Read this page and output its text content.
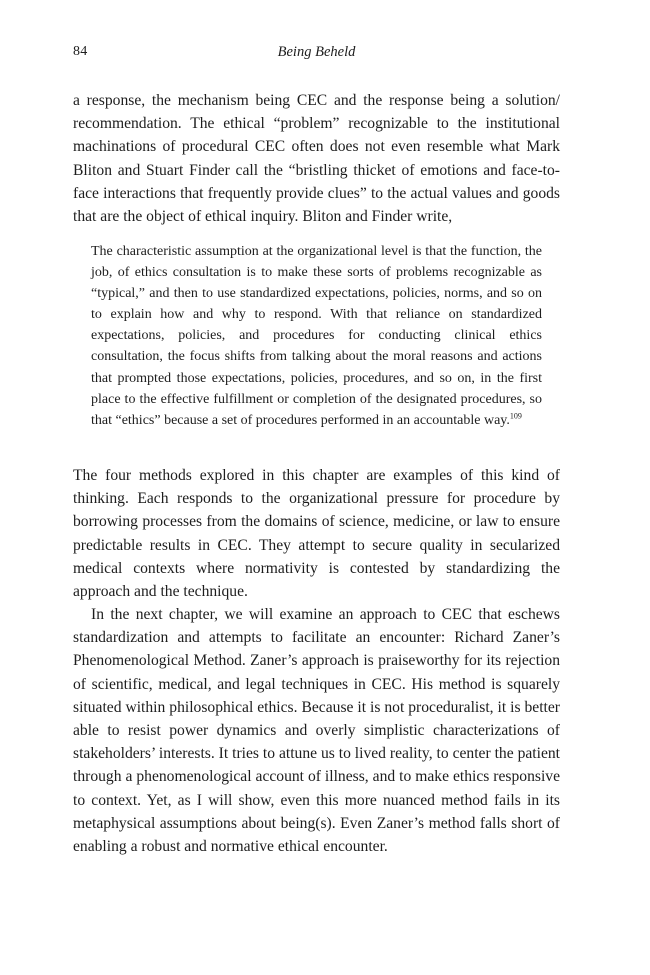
84	Being Beheld

a response, the mechanism being CEC and the response being a solution/ recommendation. The ethical “problem” recognizable to the institutional machinations of procedural CEC often does not even resemble what Mark Bliton and Stuart Finder call the “bristling thicket of emotions and face-to-face interactions that frequently provide clues” to the actual values and goods that are the object of ethical inquiry. Bliton and Finder write,

The characteristic assumption at the organizational level is that the function, the job, of ethics consultation is to make these sorts of problems recognizable as “typical,” and then to use standardized expectations, policies, norms, and so on to explain how and why to respond. With that reliance on standardized expectations, policies, and procedures for conducting clinical ethics consultation, the focus shifts from talking about the moral reasons and actions that prompted those expectations, policies, procedures, and so on, in the first place to the effective fulfillment or completion of the designated procedures, so that “ethics” because a set of procedures performed in an accountable way.$^{109}$

The four methods explored in this chapter are examples of this kind of thinking. Each responds to the organizational pressure for procedure by borrowing processes from the domains of science, medicine, or law to ensure predictable results in CEC. They attempt to secure quality in secularized medical contexts where normativity is contested by standardizing the approach and the technique.

In the next chapter, we will examine an approach to CEC that eschews standardization and attempts to facilitate an encounter: Richard Zaner’s Phenomenological Method. Zaner’s approach is praiseworthy for its rejection of scientific, medical, and legal techniques in CEC. His method is squarely situated within philosophical ethics. Because it is not proceduralist, it is better able to resist power dynamics and overly simplistic characterizations of stakeholders’ interests. It tries to attune us to lived reality, to center the patient through a phenomenological account of illness, and to make ethics responsive to context. Yet, as I will show, even this more nuanced method fails in its metaphysical assumptions about being(s). Even Zaner’s method falls short of enabling a robust and normative ethical encounter.
